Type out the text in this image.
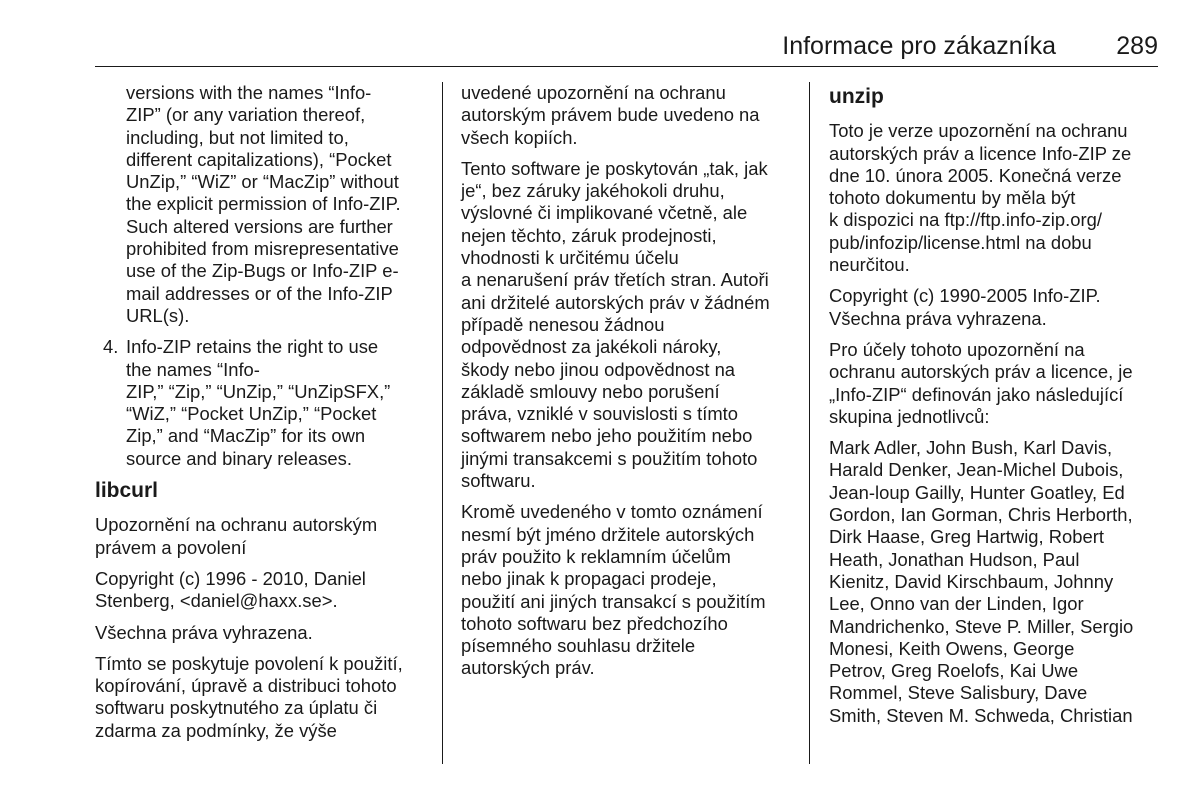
Informace pro zákazníka 289

versions with the names “Info-
ZIP” (or any variation thereof,
including, but not limited to,
different capitalizations), “Pocket
UnZip,” “WiZ” or “MacZip” without
the explicit permission of Info-ZIP.
Such altered versions are further
prohibited from misrepresentative
use of the Zip-Bugs or Info-ZIP e-
mail addresses or of the Info-ZIP
URL(s).

4. Info-ZIP retains the right to use
the names “Info-
ZIP,” “Zip,” “UnZip,” “UnZipSFX,”
“WiZ,” “Pocket UnZip,” “Pocket
Zip,” and “MacZip” for its own
source and binary releases.

libcurl

Upozornění na ochranu autorským
právem a povolení

Copyright (c) 1996 - 2010, Daniel
Stenberg, <daniel@haxx.se>.

Všechna práva vyhrazena.

Tímto se poskytuje povolení k použití,
kopírování, úpravě a distribuci tohoto
softwaru poskytnutého za úplatu či
zdarma za podmínky, že výše

uvedené upozornění na ochranu
autorským právem bude uvedeno na
všech kopiích.

Tento software je poskytován „tak, jak
je“, bez záruky jakéhokoli druhu,
výslovné či implikované včetně, ale
nejen těchto, záruk prodejnosti,
vhodnosti k určitému účelu
a nenarušení práv třetích stran. Autoři
ani držitelé autorských práv v žádném
případě nenesou žádnou
odpovědnost za jakékoli nároky,
škody nebo jinou odpovědnost na
základě smlouvy nebo porušení
práva, vzniklé v souvislosti s tímto
softwarem nebo jeho použitím nebo
jinými transakcemi s použitím tohoto
softwaru.

Kromě uvedeného v tomto oznámení
nesmí být jméno držitele autorských
práv použito k reklamním účelům
nebo jinak k propagaci prodeje,
použití ani jiných transakcí s použitím
tohoto softwaru bez předchozího
písemného souhlasu držitele
autorských práv.

unzip

Toto je verze upozornění na ochranu
autorských práv a licence Info-ZIP ze
dne 10. února 2005. Konečná verze
tohoto dokumentu by měla být
k dispozici na ftp://ftp.info-zip.org/
pub/infozip/license.html na dobu
neurčitou.

Copyright (c) 1990-2005 Info-ZIP.
Všechna práva vyhrazena.

Pro účely tohoto upozornění na
ochranu autorských práv a licence, je
„Info-ZIP“ definován jako následující
skupina jednotlivců:

Mark Adler, John Bush, Karl Davis,
Harald Denker, Jean-Michel Dubois,
Jean-loup Gailly, Hunter Goatley, Ed
Gordon, Ian Gorman, Chris Herborth,
Dirk Haase, Greg Hartwig, Robert
Heath, Jonathan Hudson, Paul
Kienitz, David Kirschbaum, Johnny
Lee, Onno van der Linden, Igor
Mandrichenko, Steve P. Miller, Sergio
Monesi, Keith Owens, George
Petrov, Greg Roelofs, Kai Uwe
Rommel, Steve Salisbury, Dave
Smith, Steven M. Schweda, Christian
